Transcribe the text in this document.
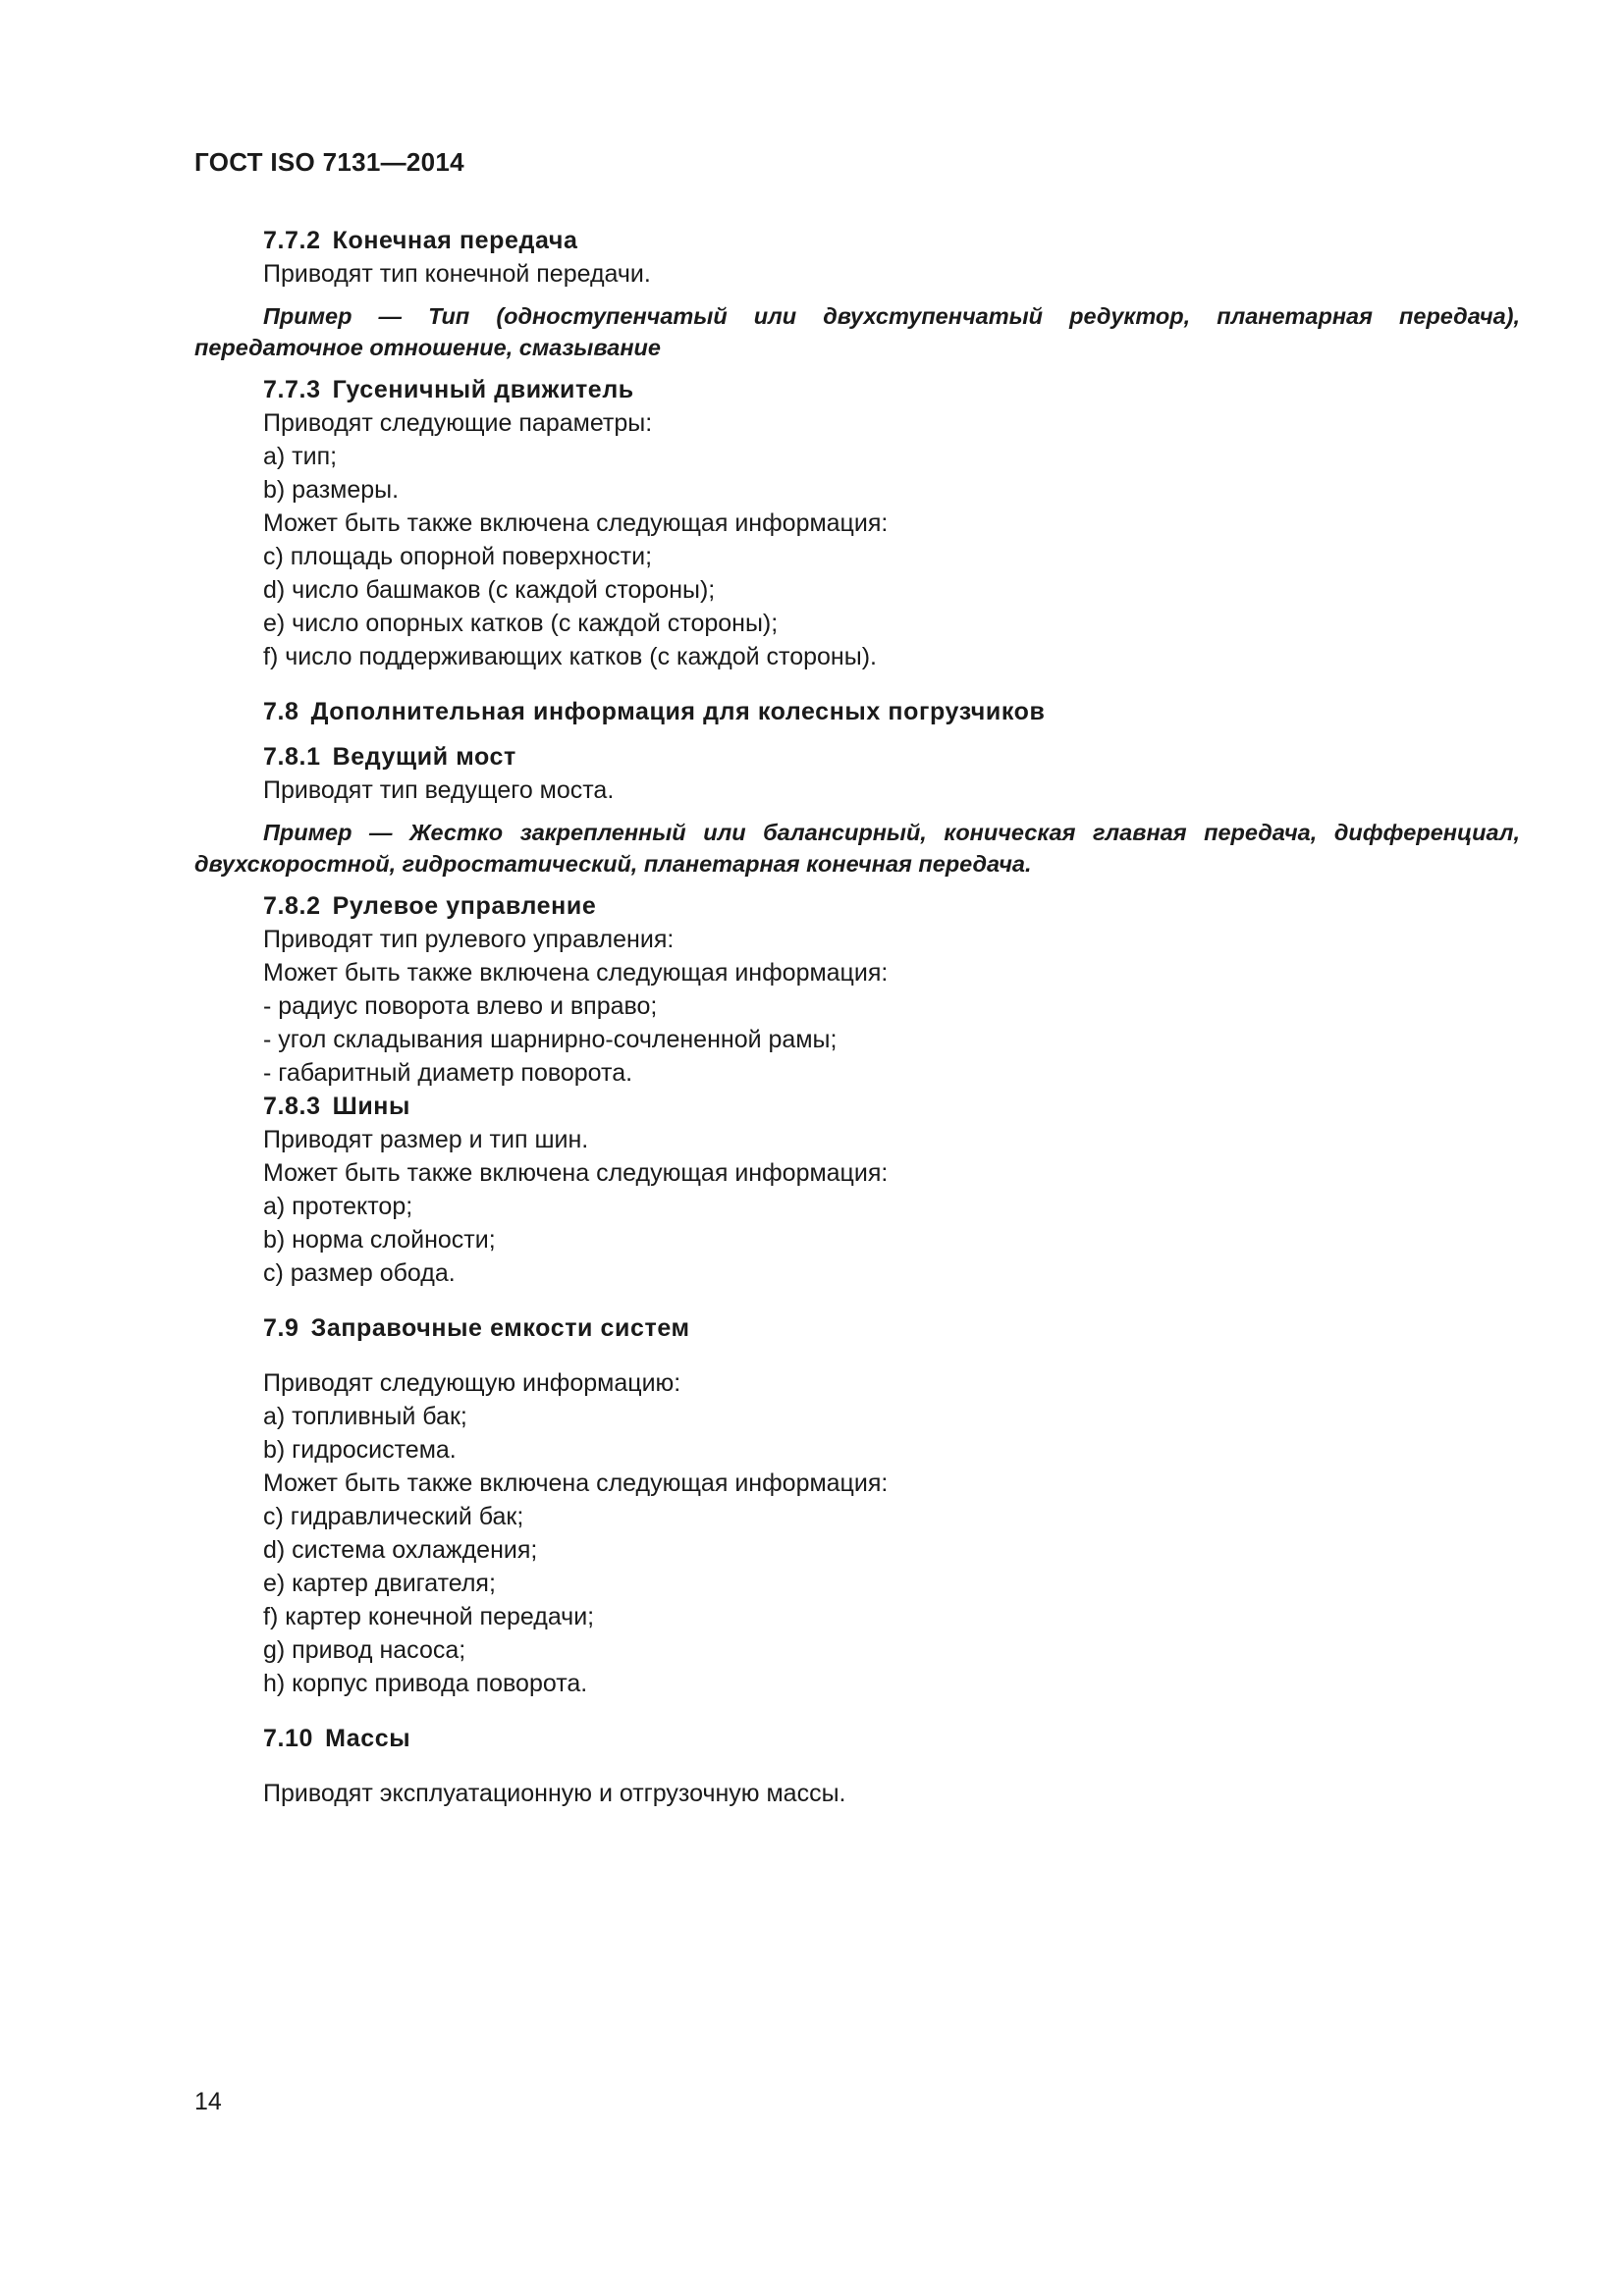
ГОСТ ISO 7131—2014
7.7.2 Конечная передача
Приводят тип конечной передачи.
Пример — Тип (одноступенчатый или двухступенчатый редуктор, планетарная передача), передаточное отношение, смазывание
7.7.3 Гусеничный движитель
Приводят следующие параметры:
а) тип;
b) размеры.
Может быть также включена следующая информация:
с) площадь опорной поверхности;
d) число башмаков (с каждой стороны);
е) число опорных катков (с каждой стороны);
f) число поддерживающих катков (с каждой стороны).
7.8 Дополнительная информация для колесных погрузчиков
7.8.1 Ведущий мост
Приводят тип ведущего моста.
Пример — Жестко закрепленный или балансирный, коническая главная передача, дифференциал, двухскоростной, гидростатический, планетарная конечная передача.
7.8.2 Рулевое управление
Приводят тип рулевого управления:
Может быть также включена следующая информация:
- радиус поворота влево и вправо;
- угол складывания шарнирно-сочлененной рамы;
- габаритный диаметр поворота.
7.8.3 Шины
Приводят размер и тип шин.
Может быть также включена следующая информация:
а) протектор;
b) норма слойности;
с) размер обода.
7.9 Заправочные емкости систем
Приводят следующую информацию:
а) топливный бак;
b) гидросистема.
Может быть также включена следующая информация:
с) гидравлический бак;
d) система охлаждения;
е) картер двигателя;
f) картер конечной передачи;
g) привод насоса;
h) корпус привода поворота.
7.10 Массы
Приводят эксплуатационную и отгрузочную массы.
14
